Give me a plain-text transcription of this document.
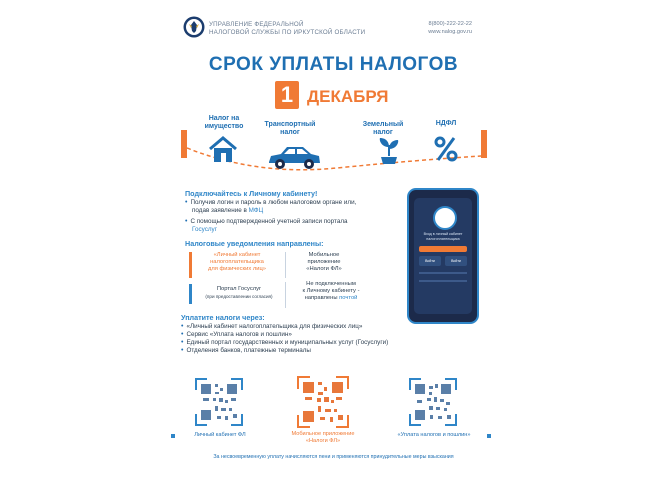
УПРАВЛЕНИЕ ФЕДЕРАЛЬНОЙ
НАЛОГОВОЙ СЛУЖБЫ ПО ИРКУТСКОЙ ОБЛАСТИ
8(800)-222-22-22
www.nalog.gov.ru
СРОК УПЛАТЫ НАЛОГОВ
1 ДЕКАБРЯ
Налог на
имущество	Транспортный
налог
Земельный
налог
НДФЛ
Подключайтесь к Личному кабинету!
• Получив логин и пароль в любом налоговом органе или,
подав заявление в МФЦ
• С помощью подтвержденной учетной записи портала
Госуслуг
Вход в личный кабинет
налогоплательщика
Войти	Войти
Налоговые уведомления направлены:
«Личный кабинет
налогоплательщика
для физических лиц»
Мобильное
приложение
«Налоги ФЛ»
Портал Госуслуг
(при предоставлении согласия)
Не подключенным
к Личному кабинету -
направлены почтой
Уплатите налоги через:
• «Личный кабинет налогоплательщика для физических лиц»
• Сервис «Уплата налогов и пошлин»
• Единый портал государственных и муниципальных услуг (Госуслуги)
• Отделения банков, платежные терминалы
Личный кабинет ФЛ	Мобильное приложение
«Налоги ФЛ»
«Уплата налогов и пошлин»
За несвоевременную уплату начисляются пени и применяются принудительные меры взыскания
